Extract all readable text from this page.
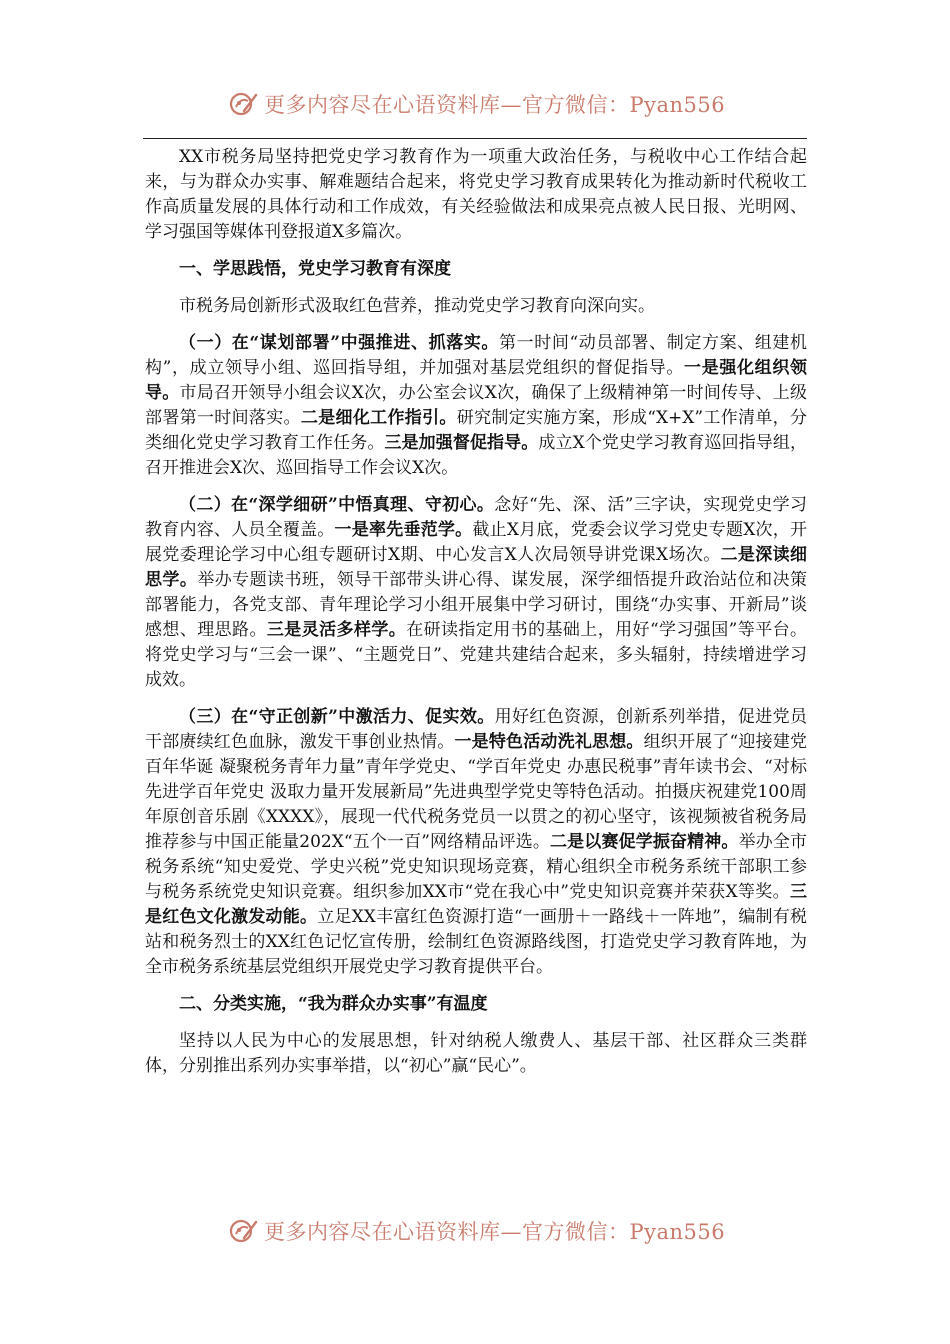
更多内容尽在心语资料库—官方微信：Pyan556

XX市税务局坚持把党史学习教育作为一项重大政治任务，与税收中心工作结合起来，与为群众办实事、解难题结合起来，将党史学习教育成果转化为推动新时代税收工作高质量发展的具体行动和工作成效，有关经验做法和成果亮点被人民日报、光明网、学习强国等媒体刊登报道X多篇次。

一、学思践悟，党史学习教育有深度

市税务局创新形式汲取红色营养，推动党史学习教育向深向实。

（一）在“谋划部署”中强推进、抓落实。第一时间“动员部署、制定方案、组建机构”，成立领导小组、巡回指导组，并加强对基层党组织的督促指导。一是强化组织领导。市局召开领导小组会议X次，办公室会议X次，确保了上级精神第一时间传导、上级部署第一时间落实。二是细化工作指引。研究制定实施方案，形成“X+X”工作清单，分类细化党史学习教育工作任务。三是加强督促指导。成立X个党史学习教育巡回指导组，召开推进会X次、巡回指导工作会议X次。

（二）在“深学细研”中悟真理、守初心。念好“先、深、活”三字诀，实现党史学习教育内容、人员全覆盖。一是率先垂范学。截止X月底，党委会议学习党史专题X次，开展党委理论学习中心组专题研讨X期、中心发言X人次局领导讲党课X场次。二是深读细思学。举办专题读书班，领导干部带头讲心得、谋发展，深学细悟提升政治站位和决策部署能力，各党支部、青年理论学习小组开展集中学习研讨，围绕“办实事、开新局”谈感想、理思路。三是灵活多样学。在研读指定用书的基础上，用好“学习强国”等平台。将党史学习与“三会一课”、“主题党日”、党建共建结合起来，多头辐射，持续增进学习成效。

（三）在“守正创新”中激活力、促实效。用好红色资源，创新系列举措，促进党员干部赓续红色血脉，激发干事创业热情。一是特色活动洗礼思想。组织开展了“迎接建党百年华诞 凝聚税务青年力量”青年学党史、“学百年党史 办惠民税事”青年读书会、“对标先进学百年党史 汲取力量开发展新局”先进典型学党史等特色活动。拍摄庆祝建党100周年原创音乐剧《XXXX》，展现一代代税务党员一以贯之的初心坚守，该视频被省税务局推荐参与中国正能量202X“五个一百”网络精品评选。二是以赛促学振奋精神。举办全市税务系统“知史爱党、学史兴税”党史知识现场竞赛，精心组织全市税务系统干部职工参与税务系统党史知识竞赛。组织参加XX市“党在我心中”党史知识竞赛并荣获X等奖。三是红色文化激发动能。立足XX丰富红色资源打造“一画册＋一路线＋一阵地”，编制有税站和税务烈士的XX红色记忆宣传册，绘制红色资源路线图，打造党史学习教育阵地，为全市税务系统基层党组织开展党史学习教育提供平台。

二、分类实施，“我为群众办实事”有温度

坚持以人民为中心的发展思想，针对纳税人缴费人、基层干部、社区群众三类群体，分别推出系列办实事举措，以“初心”赢“民心”。

更多内容尽在心语资料库—官方微信：Pyan556
